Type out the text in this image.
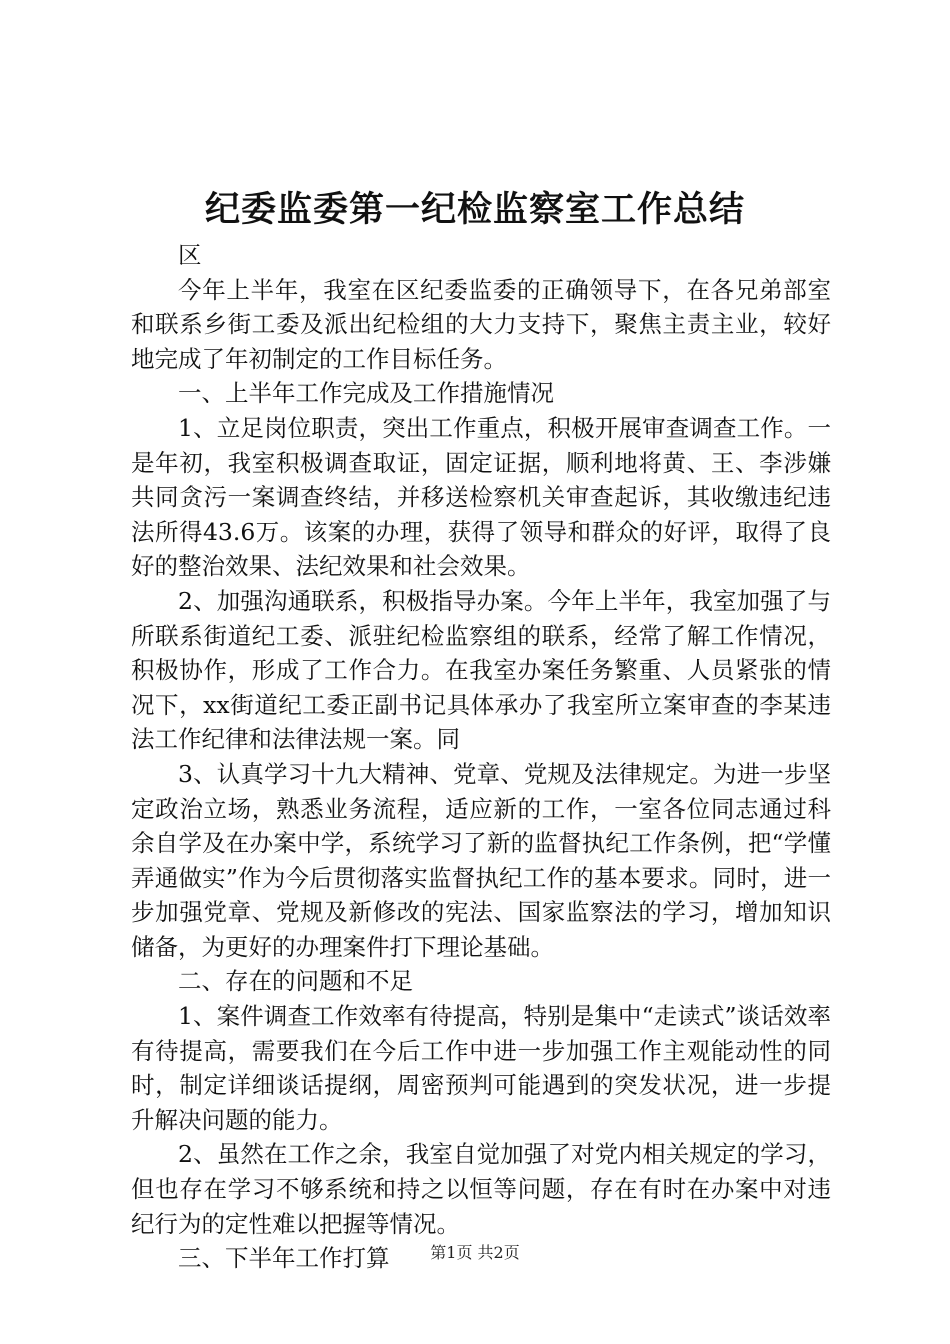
纪委监委第一纪检监察室工作总结

区

今年上半年，我室在区纪委监委的正确领导下，在各兄弟部室和联系乡街工委及派出纪检组的大力支持下，聚焦主责主业，较好地完成了年初制定的工作目标任务。

一、上半年工作完成及工作措施情况

1、立足岗位职责，突出工作重点，积极开展审查调查工作。一是年初，我室积极调查取证，固定证据，顺利地将黄、王、李涉嫌共同贪污一案调查终结，并移送检察机关审查起诉，其收缴违纪违法所得43.6万。该案的办理，获得了领导和群众的好评，取得了良好的整治效果、法纪效果和社会效果。

2、加强沟通联系，积极指导办案。今年上半年，我室加强了与所联系街道纪工委、派驻纪检监察组的联系，经常了解工作情况，积极协作，形成了工作合力。在我室办案任务繁重、人员紧张的情况下，xx街道纪工委正副书记具体承办了我室所立案审查的李某违法工作纪律和法律法规一案。同

3、认真学习十九大精神、党章、党规及法律规定。为进一步坚定政治立场，熟悉业务流程，适应新的工作，一室各位同志通过科余自学及在办案中学，系统学习了新的监督执纪工作条例，把“学懂弄通做实”作为今后贯彻落实监督执纪工作的基本要求。同时，进一步加强党章、党规及新修改的宪法、国家监察法的学习，增加知识储备，为更好的办理案件打下理论基础。

二、存在的问题和不足

1、案件调查工作效率有待提高，特别是集中“走读式”谈话效率有待提高，需要我们在今后工作中进一步加强工作主观能动性的同时，制定详细谈话提纲，周密预判可能遇到的突发状况，进一步提升解决问题的能力。

2、虽然在工作之余，我室自觉加强了对党内相关规定的学习，但也存在学习不够系统和持之以恒等问题，存在有时在办案中对违纪行为的定性难以把握等情况。

三、下半年工作打算	第1页 共2页
